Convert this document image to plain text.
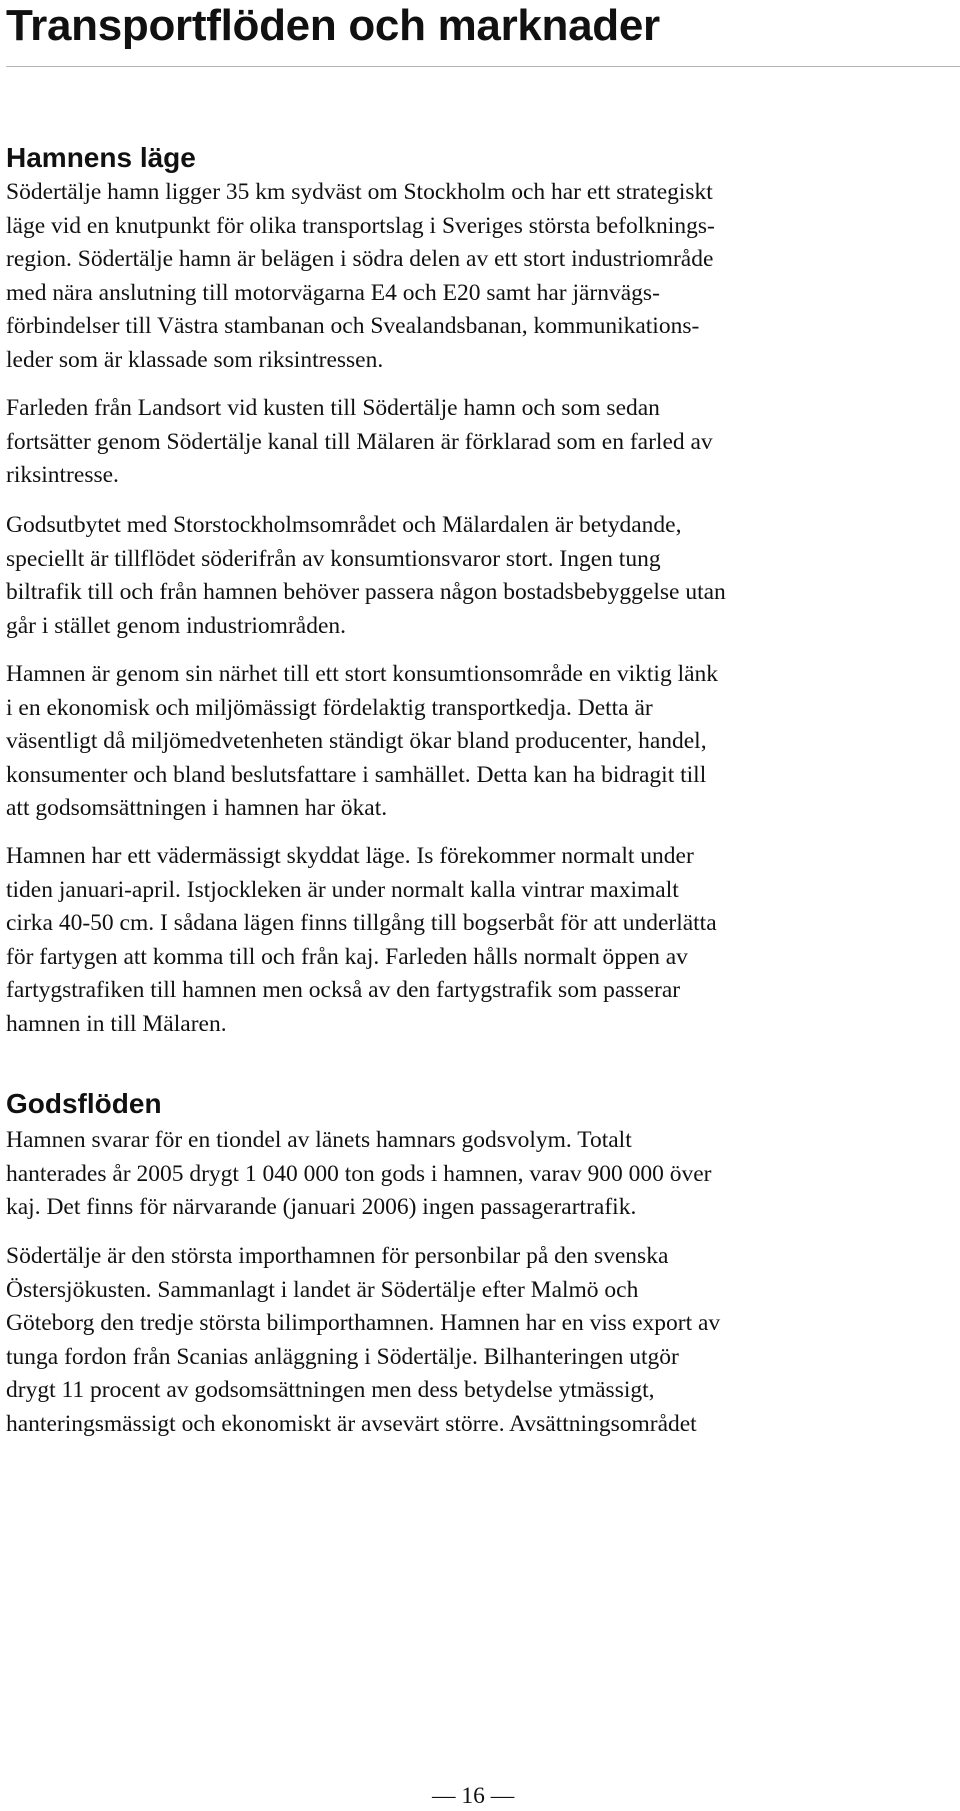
Transportflöden och marknader
Hamnens läge

Södertälje hamn ligger 35 km sydväst om Stockholm och har ett strategiskt
läge vid en knutpunkt för olika transportslag i Sveriges största befolknings-
region. Södertälje hamn är belägen i södra delen av ett stort industriområde
med nära anslutning till motorvägarna E4 och E20 samt har järnvägs-
förbindelser till Västra stambanan och Svealandsbanan, kommunikations-
leder som är klassade som riksintressen.

Farleden från Landsort vid kusten till Södertälje hamn och som sedan
fortsätter genom Södertälje kanal till Mälaren är förklarad som en farled av
riksintresse.

Godsutbytet med Storstockholmsområdet och Mälardalen är betydande,
speciellt är tillflödet söderifrån av konsumtionsvaror stort. Ingen tung
biltrafik till och från hamnen behöver passera någon bostadsbebyggelse utan
går i stället genom industriområden.

Hamnen är genom sin närhet till ett stort konsumtionsområde en viktig länk
i en ekonomisk och miljömässigt fördelaktig transportkedja. Detta är
väsentligt då miljömedvetenheten ständigt ökar bland producenter, handel,
konsumenter och bland beslutsfattare i samhället. Detta kan ha bidragit till
att godsomsättningen i hamnen har ökat.

Hamnen har ett vädermässigt skyddat läge. Is förekommer normalt under
tiden januari-april. Istjockleken är under normalt kalla vintrar maximalt
cirka 40-50 cm. I sådana lägen finns tillgång till bogserbåt för att underlätta
för fartygen att komma till och från kaj. Farleden hålls normalt öppen av
fartygstrafiken till hamnen men också av den fartygstrafik som passerar
hamnen in till Mälaren.

Godsflöden

Hamnen svarar för en tiondel av länets hamnars godsvolym. Totalt
hanterades år 2005 drygt 1 040 000 ton gods i hamnen, varav 900 000 över
kaj. Det finns för närvarande (januari 2006) ingen passagerartrafik.

Södertälje är den största importhamnen för personbilar på den svenska
Östersjökusten. Sammanlagt i landet är Södertälje efter Malmö och
Göteborg den tredje största bilimporthamnen. Hamnen har en viss export av
tunga fordon från Scanias anläggning i Södertälje. Bilhanteringen utgör
drygt 11 procent av godsomsättningen men dess betydelse ytmässigt,
hanteringsmässigt och ekonomiskt är avsevärt större. Avsättningsområdet

— 16 —
